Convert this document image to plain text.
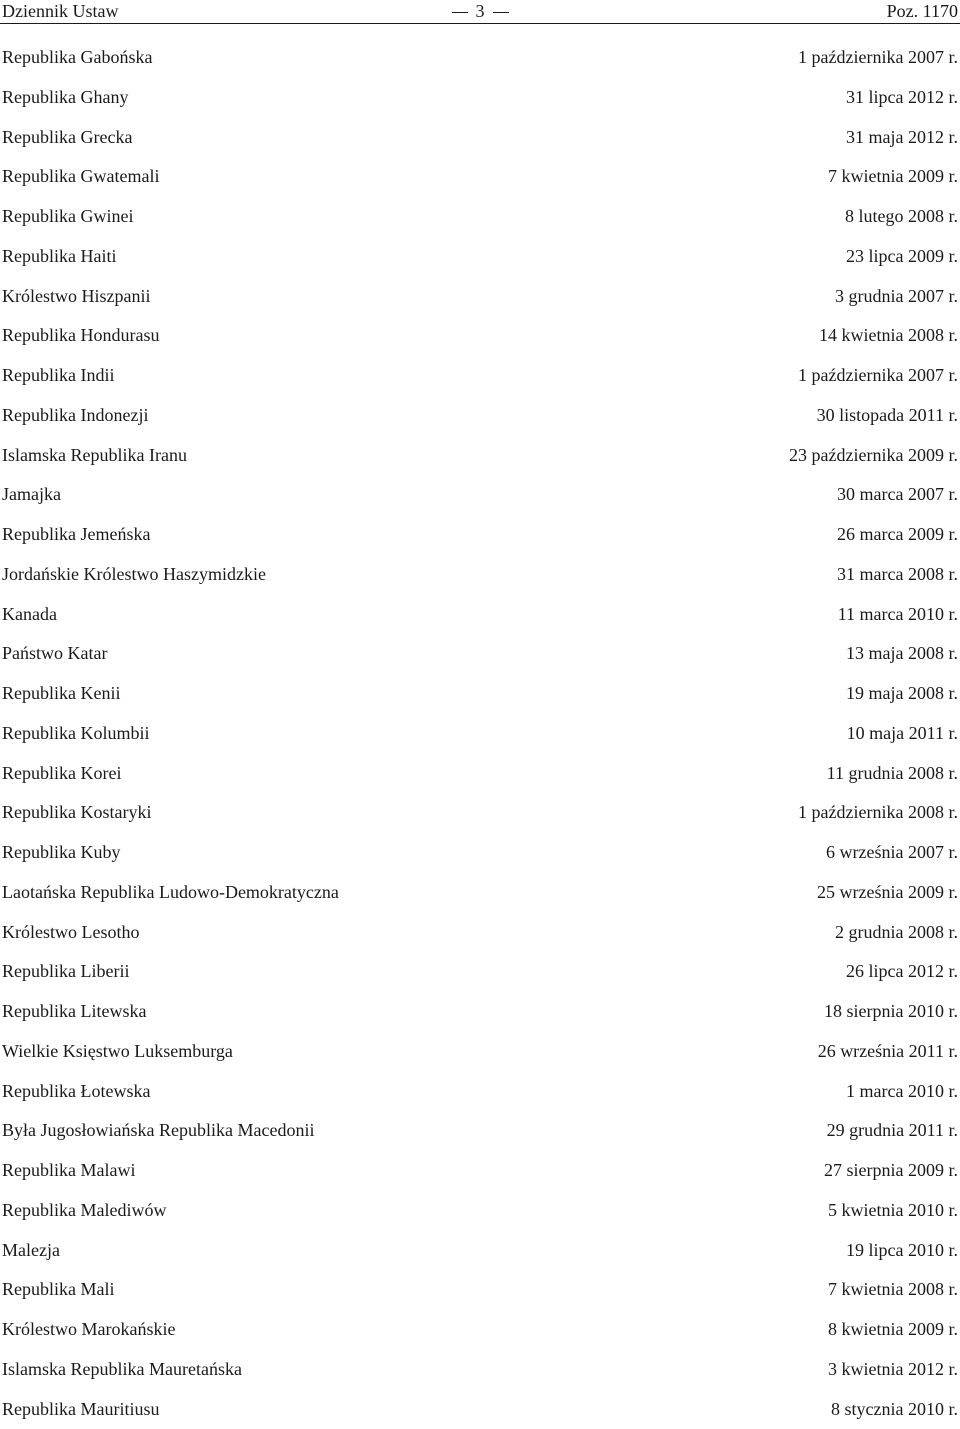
Dziennik Ustaw	3	Poz. 1170
Republika Gabońska	1 października 2007 r.
Republika Ghany	31 lipca 2012 r.
Republika Grecka	31 maja 2012 r.
Republika Gwatemali	7 kwietnia 2009 r.
Republika Gwinei	8 lutego 2008 r.
Republika Haiti	23 lipca 2009 r.
Królestwo Hiszpanii	3 grudnia 2007 r.
Republika Hondurasu	14 kwietnia 2008 r.
Republika Indii	1 października 2007 r.
Republika Indonezji	30 listopada 2011 r.
Islamska Republika Iranu	23 października 2009 r.
Jamajka	30 marca 2007 r.
Republika Jemeńska	26 marca 2009 r.
Jordańskie Królestwo Haszymidzkie	31 marca 2008 r.
Kanada	11 marca 2010 r.
Państwo Katar	13 maja 2008 r.
Republika Kenii	19 maja 2008 r.
Republika Kolumbii	10 maja 2011 r.
Republika Korei	11 grudnia 2008 r.
Republika Kostaryki	1 października 2008 r.
Republika Kuby	6 września 2007 r.
Laotańska Republika Ludowo-Demokratyczna	25 września 2009 r.
Królestwo Lesotho	2 grudnia 2008 r.
Republika Liberii	26 lipca 2012 r.
Republika Litewska	18 sierpnia 2010 r.
Wielkie Księstwo Luksemburga	26 września 2011 r.
Republika Łotewska	1 marca 2010 r.
Była Jugosłowiańska Republika Macedonii	29 grudnia 2011 r.
Republika Malawi	27 sierpnia 2009 r.
Republika Malediwów	5 kwietnia 2010 r.
Malezja	19 lipca 2010 r.
Republika Mali	7 kwietnia 2008 r.
Królestwo Marokańskie	8 kwietnia 2009 r.
Islamska Republika Mauretańska	3 kwietnia 2012 r.
Republika Mauritiusu	8 stycznia 2010 r.
